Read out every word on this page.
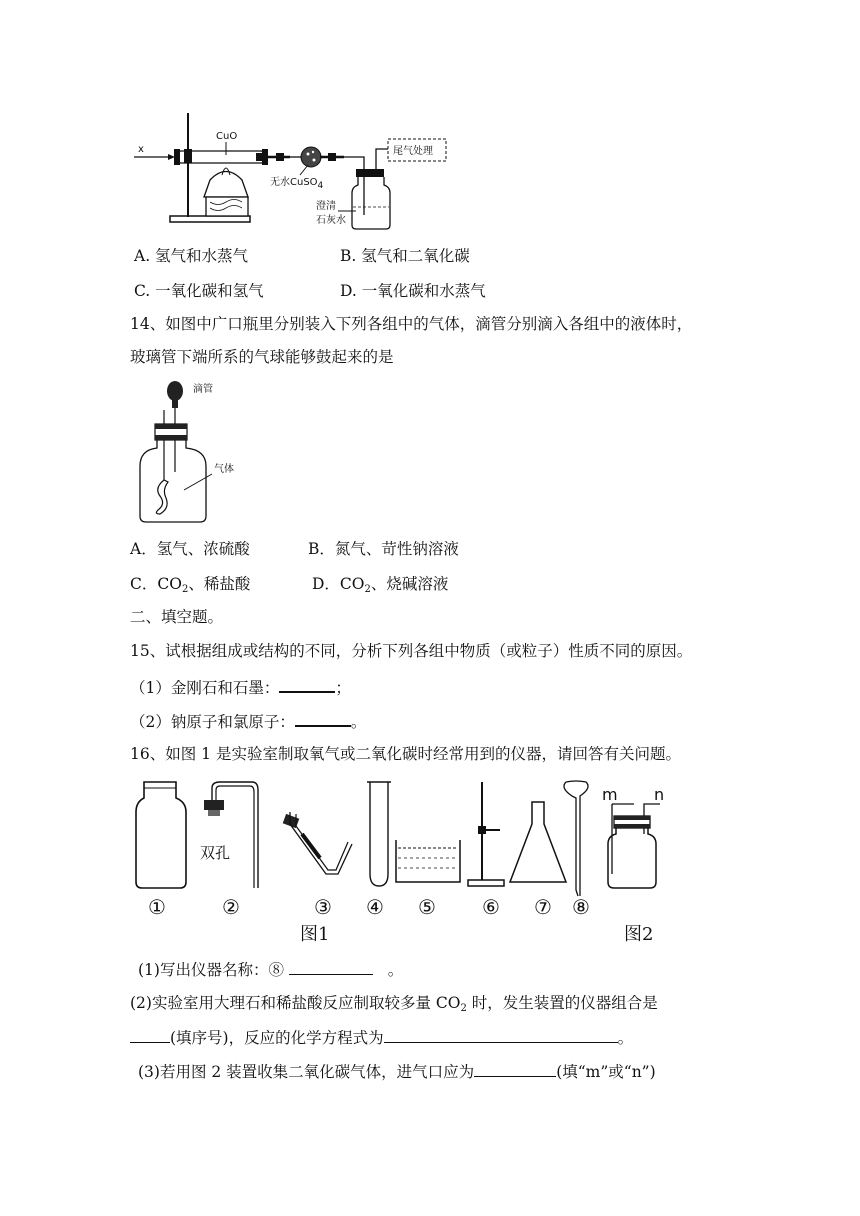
x
CuO
无水CuSO4
澄清
石灰水
尾气处理
A. 氢气和水蒸气	B. 氢气和二氧化碳
C. 一氧化碳和氢气	D. 一氧化碳和水蒸气
14、如图中广口瓶里分别装入下列各组中的气体，滴管分别滴入各组中的液体时，
玻璃管下端所系的气球能够鼓起来的是
滴管
气体
A．氢气、浓硫酸	B．氮气、苛性钠溶液
C．$CO_2$、稀盐酸	D．$CO_2$、烧碱溶液
二、填空题。
15、试根据组成或结构的不同，分析下列各组中物质（或粒子）性质不同的原因。
（1）金刚石和石墨：	；
（2）钠原子和氯原子：	。
16、如图 1 是实验室制取氧气或二氧化碳时经常用到的仪器，请回答有关问题。
双孔
m n
①	②	③ ④ ⑤ ⑥ ⑦ ⑧
图1	图2
(1)写出仪器名称：⑧	。
(2)实验室用大理石和稀盐酸反应制取较多量 $CO_2$ 时，发生装置的仪器组合是
(填序号)，反应的化学方程式为	。
(3)若用图 2 装置收集二氧化碳气体，进气口应为	(填“m”或“n”)
